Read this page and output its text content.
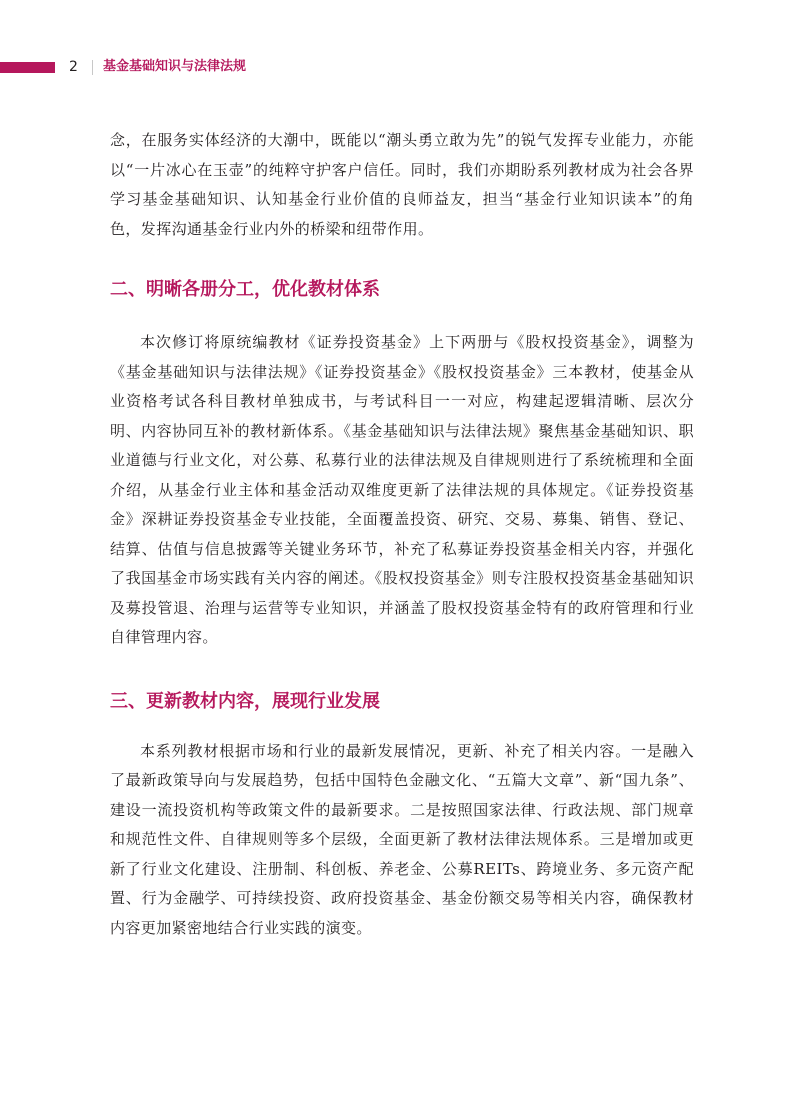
2 基金基础知识与法律法规

念，在服务实体经济的大潮中，既能以“潮头勇立敢为先”的锐气发挥专业能力，亦能以“一片冰心在玉壶”的纯粹守护客户信任。同时，我们亦期盼系列教材成为社会各界学习基金基础知识、认知基金行业价值的良师益友，担当“基金行业知识读本”的角色，发挥沟通基金行业内外的桥梁和纽带作用。

二、明晰各册分工，优化教材体系

本次修订将原统编教材《证券投资基金》上下两册与《股权投资基金》，调整为《基金基础知识与法律法规》《证券投资基金》《股权投资基金》三本教材，使基金从业资格考试各科目教材单独成书，与考试科目一一对应，构建起逻辑清晰、层次分明、内容协同互补的教材新体系。《基金基础知识与法律法规》聚焦基金基础知识、职业道德与行业文化，对公募、私募行业的法律法规及自律规则进行了系统梳理和全面介绍，从基金行业主体和基金活动双维度更新了法律法规的具体规定。《证券投资基金》深耕证券投资基金专业技能，全面覆盖投资、研究、交易、募集、销售、登记、结算、估值与信息披露等关键业务环节，补充了私募证券投资基金相关内容，并强化了我国基金市场实践有关内容的阐述。《股权投资基金》则专注股权投资基金基础知识及募投管退、治理与运营等专业知识，并涵盖了股权投资基金特有的政府管理和行业自律管理内容。

三、更新教材内容，展现行业发展

本系列教材根据市场和行业的最新发展情况，更新、补充了相关内容。一是融入了最新政策导向与发展趋势，包括中国特色金融文化、“五篇大文章”、新“国九条”、建设一流投资机构等政策文件的最新要求。二是按照国家法律、行政法规、部门规章和规范性文件、自律规则等多个层级，全面更新了教材法律法规体系。三是增加或更新了行业文化建设、注册制、科创板、养老金、公募REITs、跨境业务、多元资产配置、行为金融学、可持续投资、政府投资基金、基金份额交易等相关内容，确保教材内容更加紧密地结合行业实践的演变。
